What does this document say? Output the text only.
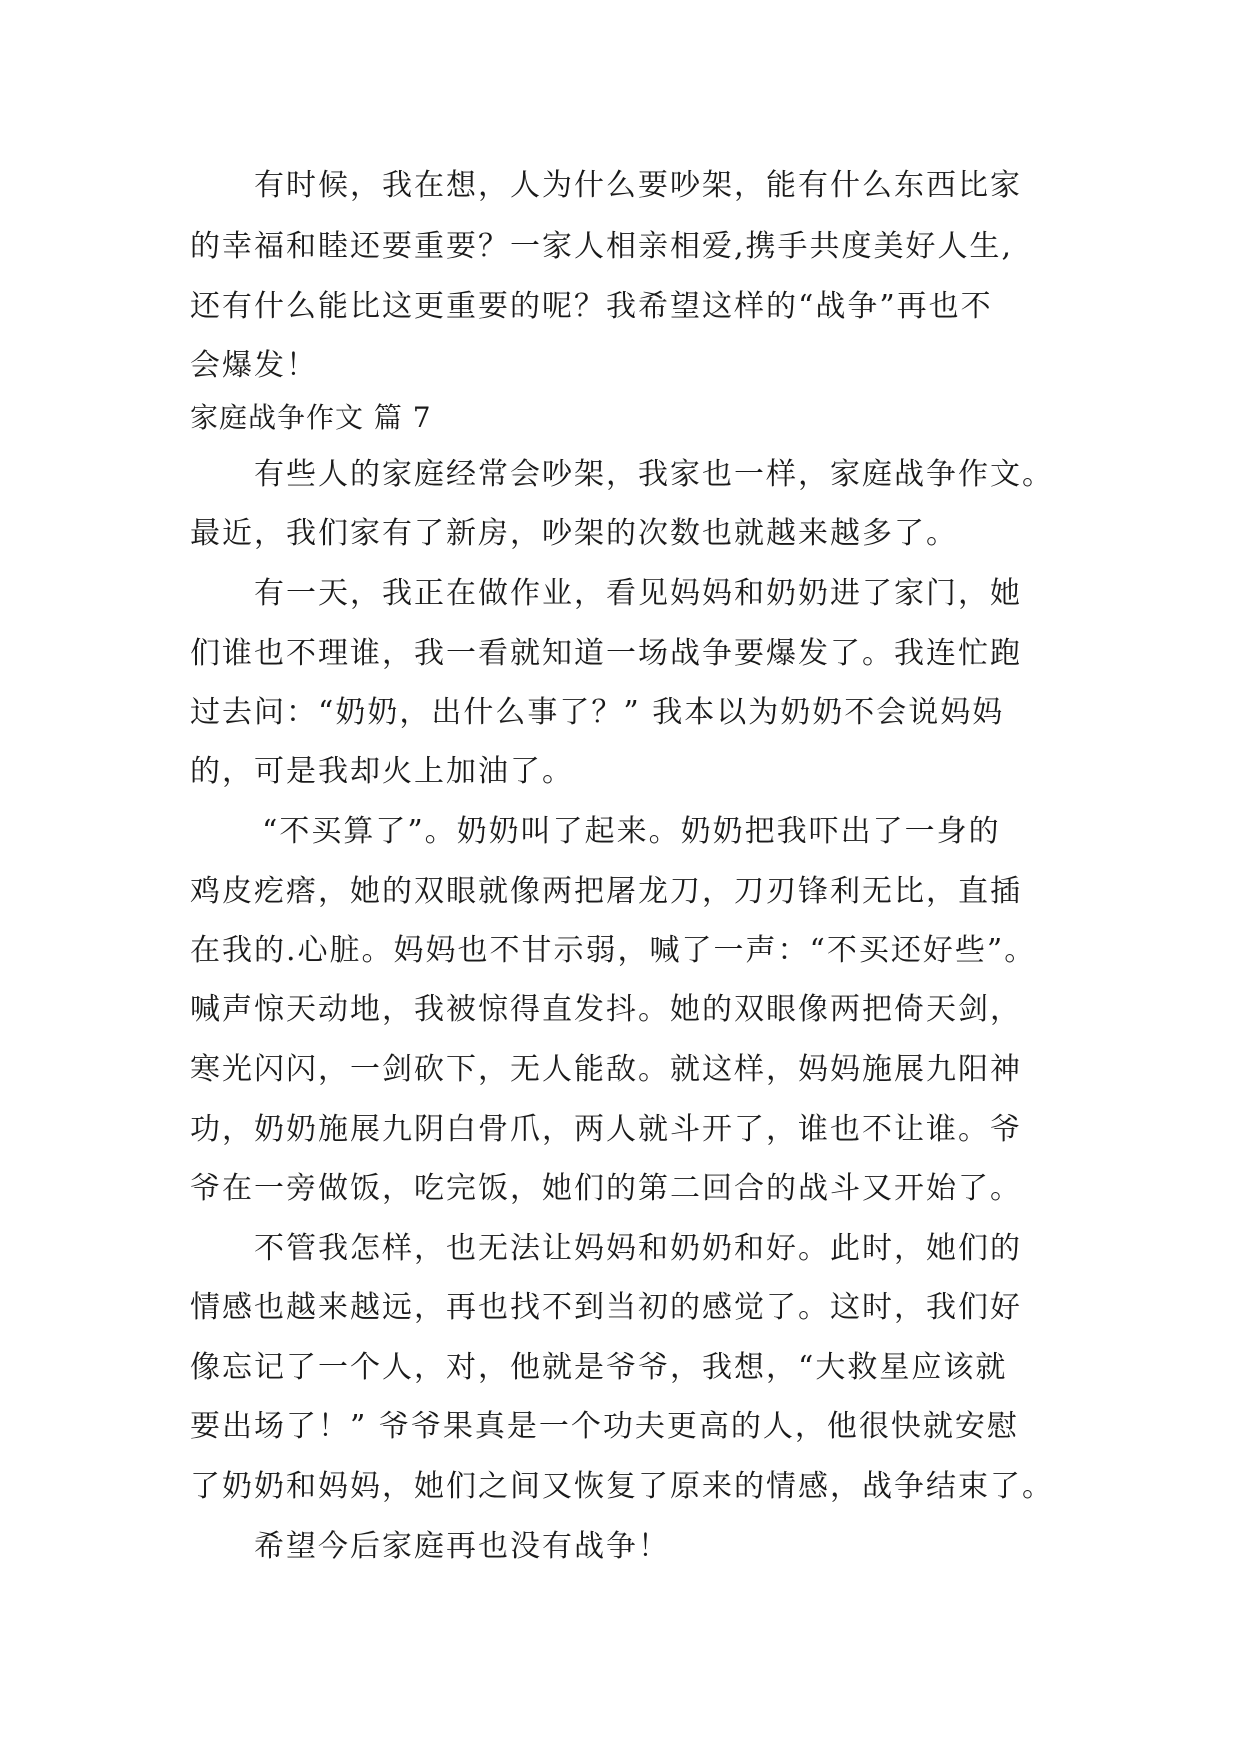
有时候，我在想，人为什么要吵架，能有什么东西比家
的幸福和睦还要重要？一家人相亲相爱,携手共度美好人生,
还有什么能比这更重要的呢？我希望这样的“战争”再也不
会爆发！
家庭战争作文 篇 7
有些人的家庭经常会吵架，我家也一样，家庭战争作文。
最近，我们家有了新房，吵架的次数也就越来越多了。
有一天，我正在做作业，看见妈妈和奶奶进了家门，她
们谁也不理谁，我一看就知道一场战争要爆发了。我连忙跑
过去问：“奶奶，出什么事了？” 我本以为奶奶不会说妈妈
的，可是我却火上加油了。
“不买算了”。奶奶叫了起来。奶奶把我吓出了一身的
鸡皮疙瘩，她的双眼就像两把屠龙刀，刀刃锋利无比，直插
在我的.心脏。妈妈也不甘示弱，喊了一声：“不买还好些”。
喊声惊天动地，我被惊得直发抖。她的双眼像两把倚天剑，
寒光闪闪，一剑砍下，无人能敌。就这样，妈妈施展九阳神
功，奶奶施展九阴白骨爪，两人就斗开了，谁也不让谁。爷
爷在一旁做饭，吃完饭，她们的第二回合的战斗又开始了。
不管我怎样，也无法让妈妈和奶奶和好。此时，她们的
情感也越来越远，再也找不到当初的感觉了。这时，我们好
像忘记了一个人，对，他就是爷爷，我想，“大救星应该就
要出场了！” 爷爷果真是一个功夫更高的人，他很快就安慰
了奶奶和妈妈，她们之间又恢复了原来的情感，战争结束了。
希望今后家庭再也没有战争！
